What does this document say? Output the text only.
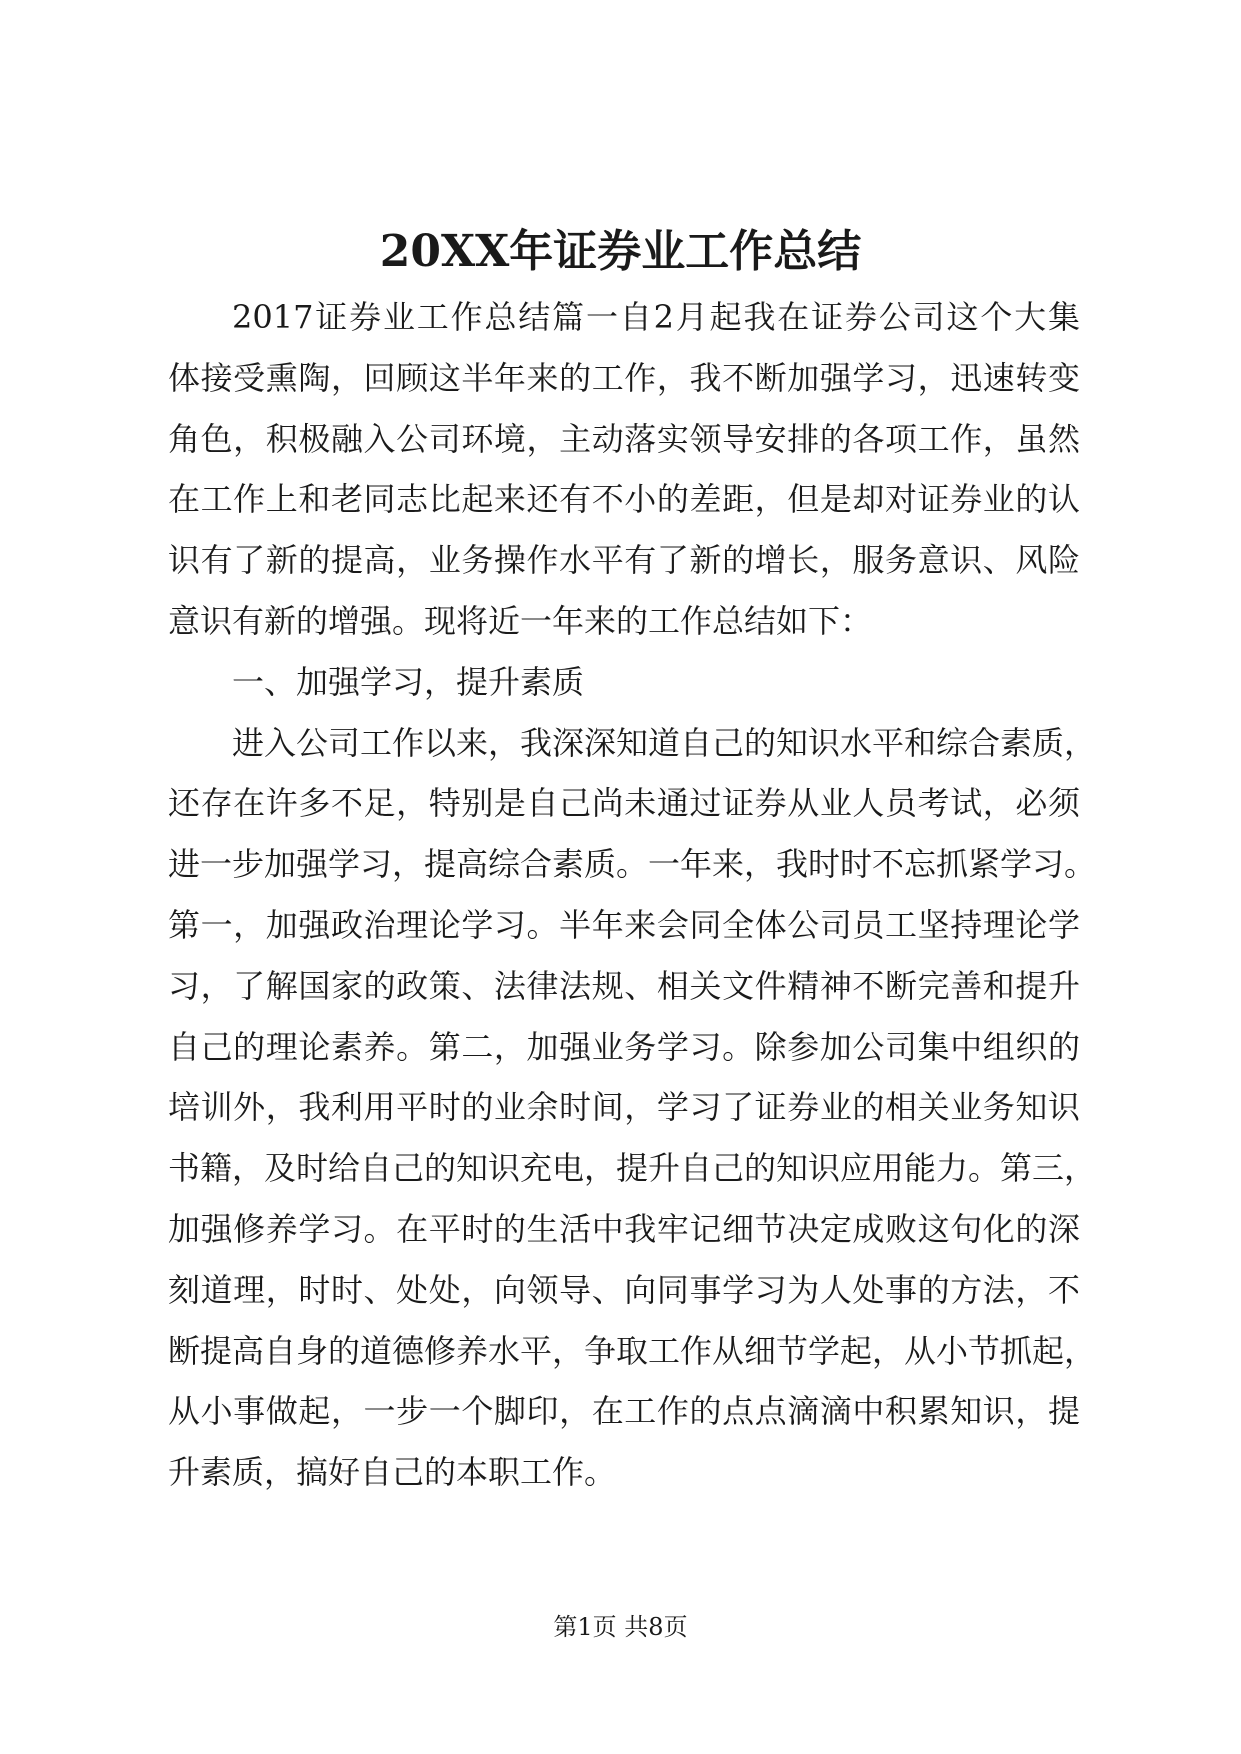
20XX年证券业工作总结
2017证券业工作总结篇一自2月起我在证券公司这个大集
体接受熏陶，回顾这半年来的工作，我不断加强学习，迅速转变
角色，积极融入公司环境，主动落实领导安排的各项工作，虽然
在工作上和老同志比起来还有不小的差距，但是却对证券业的认
识有了新的提高，业务操作水平有了新的增长，服务意识、风险
意识有新的增强。现将近一年来的工作总结如下：
一、加强学习，提升素质
进入公司工作以来，我深深知道自己的知识水平和综合素质，
还存在许多不足，特别是自己尚未通过证券从业人员考试，必须
进一步加强学习，提高综合素质。一年来，我时时不忘抓紧学习。
第一，加强政治理论学习。半年来会同全体公司员工坚持理论学
习，了解国家的政策、法律法规、相关文件精神不断完善和提升
自己的理论素养。第二，加强业务学习。除参加公司集中组织的
培训外，我利用平时的业余时间，学习了证券业的相关业务知识
书籍，及时给自己的知识充电，提升自己的知识应用能力。第三，
加强修养学习。在平时的生活中我牢记细节决定成败这句化的深
刻道理，时时、处处，向领导、向同事学习为人处事的方法，不
断提高自身的道德修养水平，争取工作从细节学起，从小节抓起，
从小事做起，一步一个脚印，在工作的点点滴滴中积累知识，提
升素质，搞好自己的本职工作。
第1页 共8页
